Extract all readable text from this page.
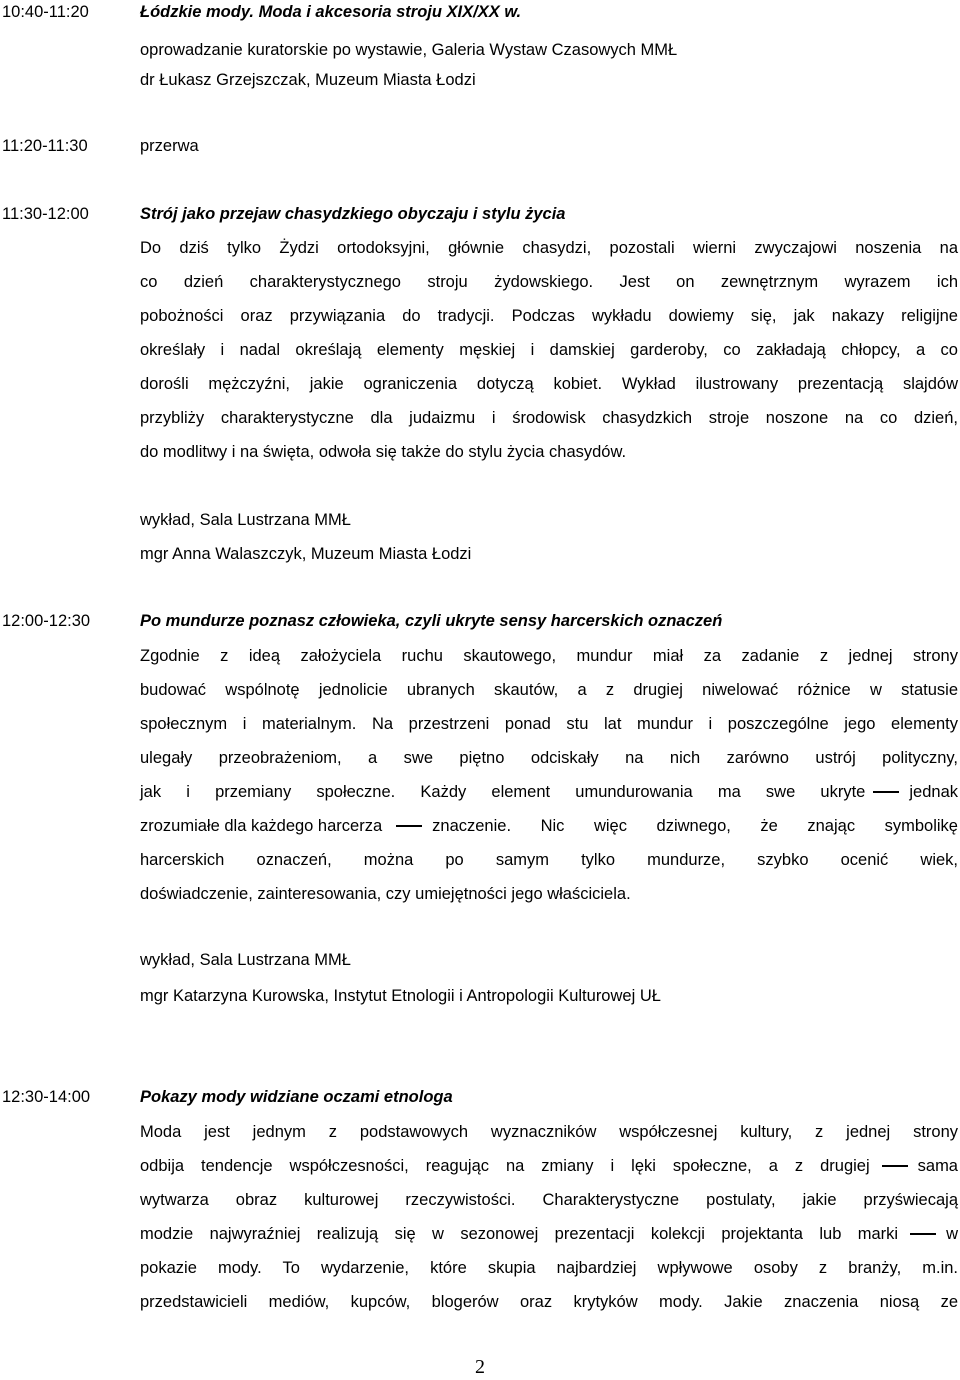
10:40-11:20	Łódzkie mody. Moda i akcesoria stroju XIX/XX w.
oprowadzanie kuratorskie po wystawie, Galeria Wystaw Czasowych MMŁ
dr Łukasz Grzejszczak, Muzeum Miasta Łodzi
11:20-11:30	przerwa
11:30-12:00	Strój jako przejaw chasydzkiego obyczaju i stylu życia
Do dziś tylko Żydzi ortodoksyjni, głównie chasydzi, pozostali wierni zwyczajowi noszenia na
co dzień charakterystycznego stroju żydowskiego. Jest on zewnętrznym wyrazem ich
pobożności oraz przywiązania do tradycji. Podczas wykładu dowiemy się, jak nakazy religijne
określały i nadal określają elementy męskiej i damskiej garderoby, co zakładają chłopcy, a co
dorośli mężczyźni, jakie ograniczenia dotyczą kobiet. Wykład ilustrowany prezentacją slajdów
przybliży charakterystyczne dla judaizmu i środowisk chasydzkich stroje noszone na co dzień,
do modlitwy i na święta, odwoła się także do stylu życia chasydów.
wykład, Sala Lustrzana MMŁ
mgr Anna Walaszczyk, Muzeum Miasta Łodzi
12:00-12:30	Po mundurze poznasz człowieka, czyli ukryte sensy harcerskich oznaczeń
Zgodnie z ideą założyciela ruchu skautowego, mundur miał za zadanie z jednej strony
budować wspólnotę jednolicie ubranych skautów, a z drugiej niwelować różnice w statusie
społecznym i materialnym. Na przestrzeni ponad stu lat mundur i poszczególne jego elementy
ulegały przeobrażeniom, a swe piętno odciskały na nich zarówno ustrój polityczny,
jak i przemiany społeczne. Każdy element umundurowania ma swe ukryte	jednak
zrozumiałe dla każdego harcerza	znaczenie. Nic więc dziwnego, że znając symbolikę
harcerskich oznaczeń, można po samym tylko mundurze, szybko ocenić wiek,
doświadczenie, zainteresowania, czy umiejętności jego właściciela.
wykład, Sala Lustrzana MMŁ
mgr Katarzyna Kurowska, Instytut Etnologii i Antropologii Kulturowej UŁ
12:30-14:00	Pokazy mody widziane oczami etnologa
Moda jest jednym z podstawowych wyznaczników współczesnej kultury, z jednej strony
odbija tendencje współczesności, reagując na zmiany i lęki społeczne, a z drugiej	sama
wytwarza obraz kulturowej rzeczywistości. Charakterystyczne postulaty, jakie przyświecają
modzie najwyraźniej realizują się w sezonowej prezentacji kolekcji projektanta lub marki	w
pokazie mody. To wydarzenie, które skupia najbardziej wpływowe osoby z branży, m.in.
przedstawicieli mediów, kupców, blogerów oraz krytyków mody. Jakie znaczenia niosą ze
2
